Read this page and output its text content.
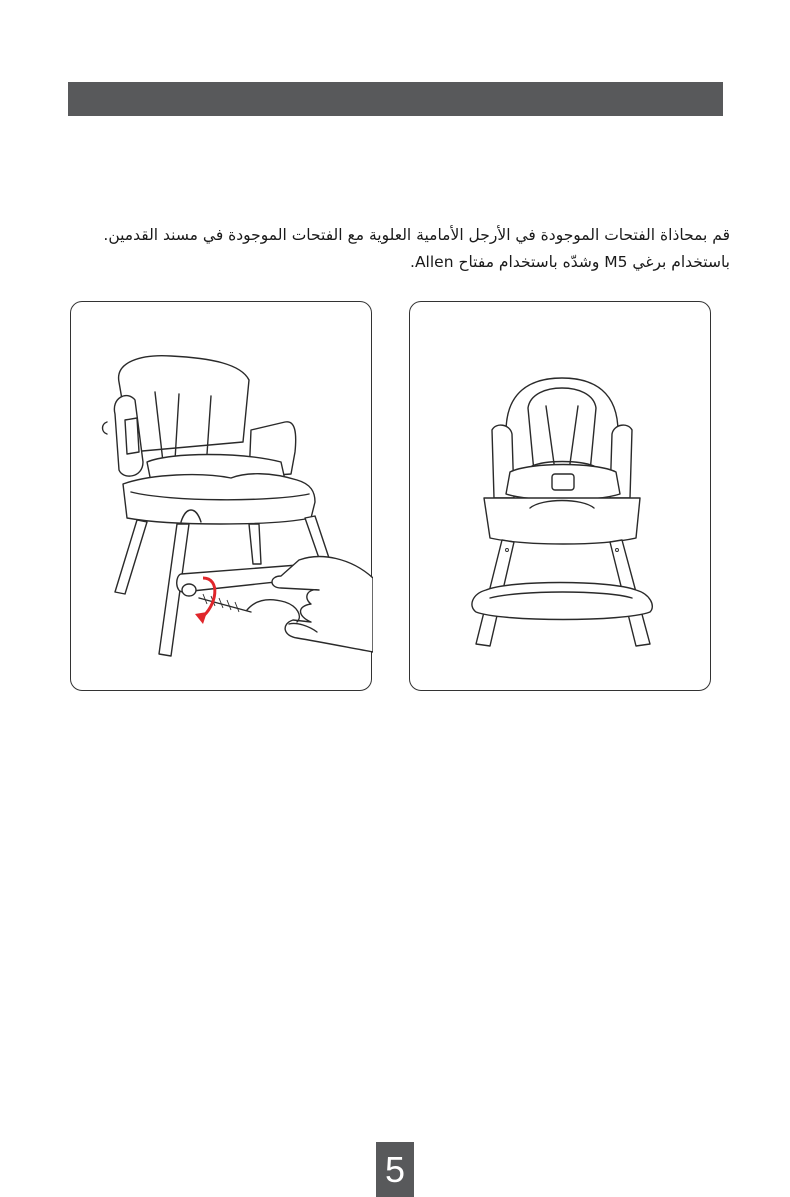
قم بمحاذاة الفتحات الموجودة في الأرجل الأمامية العلوية مع الفتحات الموجودة في مسند القدمين.

باستخدام برغي M5 وشدّه باستخدام مفتاح Allen.

5
